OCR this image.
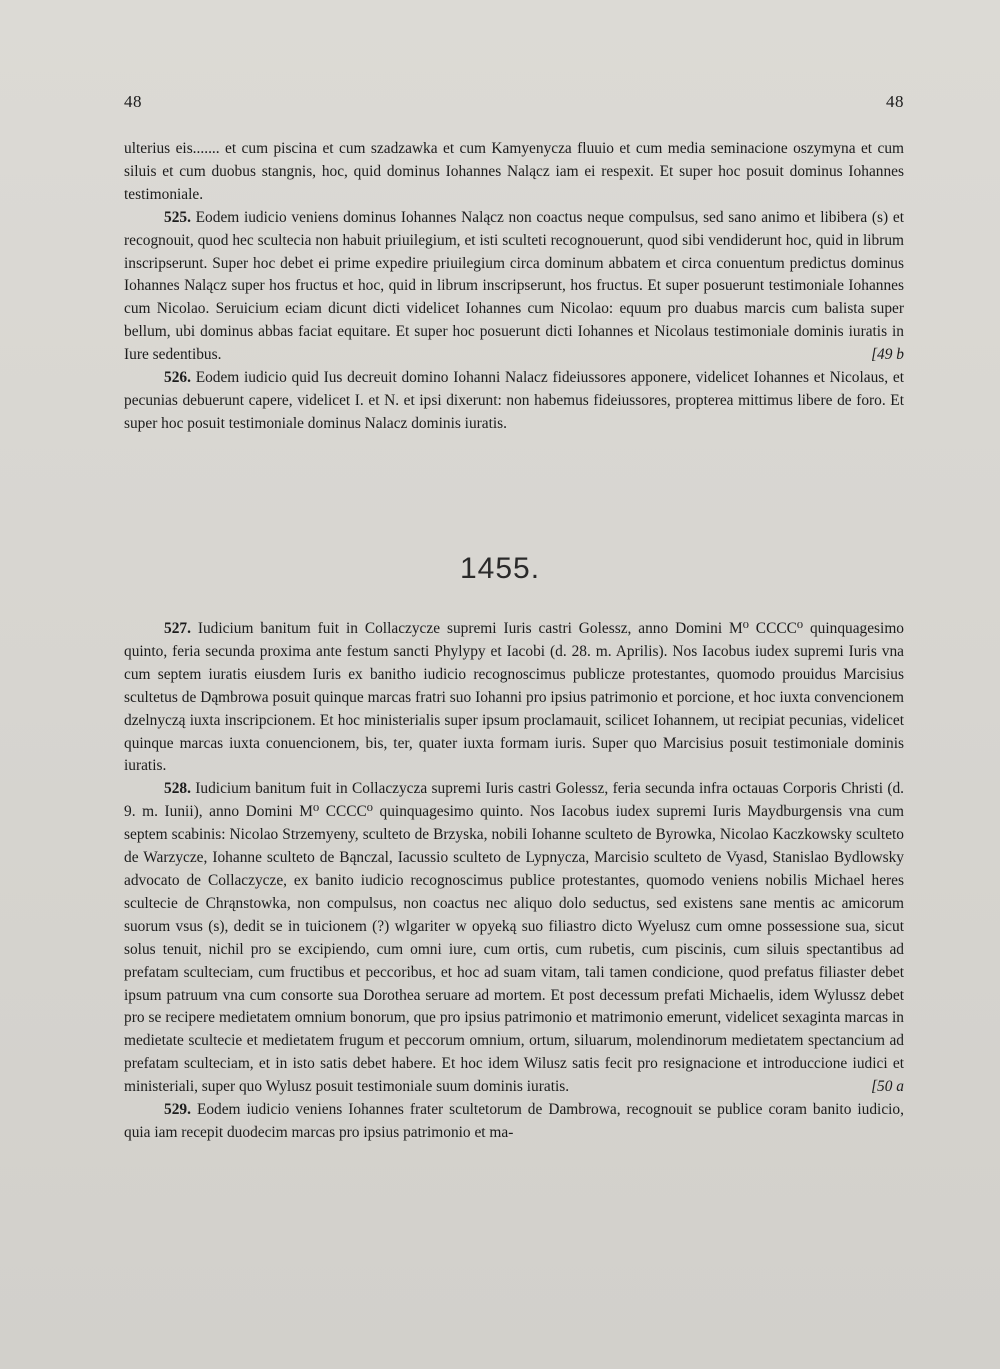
48	48

ulterius eis....... et cum piscina et cum szadzawka et cum Kamyenycza fluuio et cum media seminacione oszymyna et cum siluis et cum duobus stangnis, hoc, quid dominus Iohannes Nalącz iam ei respexit. Et super hoc posuit dominus Iohannes testimoniale.

525. Eodem iudicio veniens dominus Iohannes Nalącz non coactus neque compulsus, sed sano animo et libibera (s) et recognouit, quod hec scultecia non habuit priuilegium, et isti sculteti recognouerunt, quod sibi vendiderunt hoc, quid in librum inscripserunt. Super hoc debet ei prime expedire priuilegium circa dominum abbatem et circa conuentum predictus dominus Iohannes Nalącz super hos fructus et hoc, quid in librum inscripserunt, hos fructus. Et super posuerunt testimoniale Iohannes cum Nicolao. Seruicium eciam dicunt dicti videlicet Iohannes cum Nicolao: equum pro duabus marcis cum balista super bellum, ubi dominus abbas faciat equitare. Et super hoc posuerunt dicti Iohannes et Nicolaus testimoniale dominis iuratis in Iure sedentibus.	[49 b

526. Eodem iudicio quid Ius decreuit domino Iohanni Nalacz fideiussores apponere, videlicet Iohannes et Nicolaus, et pecunias debuerunt capere, videlicet I. et N. et ipsi dixerunt: non habemus fideiussores, propterea mittimus libere de foro. Et super hoc posuit testimoniale dominus Nalacz dominis iuratis.

1455.

527. Iudicium banitum fuit in Collaczycze supremi Iuris castri Golessz, anno Domini M⁰ CCCC⁰ quinquagesimo quinto, feria secunda proxima ante festum sancti Phylypy et Iacobi (d. 28. m. Aprilis). Nos Iacobus iudex supremi Iuris vna cum septem iuratis eiusdem Iuris ex banitho iudicio recognoscimus publicze protestantes, quomodo prouidus Marcisius scultetus de Dąmbrowa posuit quinque marcas fratri suo Iohanni pro ipsius patrimonio et porcione, et hoc iuxta convencionem dzelnyczą iuxta inscripcionem. Et hoc ministerialis super ipsum proclamauit, scilicet Iohannem, ut recipiat pecunias, videlicet quinque marcas iuxta conuencionem, bis, ter, quater iuxta formam iuris. Super quo Marcisius posuit testimoniale dominis iuratis.

528. Iudicium banitum fuit in Collaczycza supremi Iuris castri Golessz, feria secunda infra octauas Corporis Christi (d. 9. m. Iunii), anno Domini M⁰ CCCC⁰ quinquagesimo quinto. Nos Iacobus iudex supremi Iuris Maydburgensis vna cum septem scabinis: Nicolao Strzemyeny, sculteto de Brzyska, nobili Iohanne sculteto de Byrowka, Nicolao Kaczkowsky sculteto de Warzycze, Iohanne sculteto de Bąnczal, Iacussio sculteto de Lypnycza, Marcisio sculteto de Vyasd, Stanislao Bydlowsky advocato de Collaczycze, ex banito iudicio recognoscimus publice protestantes, quomodo veniens nobilis Michael heres scultecie de Chrąnstowka, non compulsus, non coactus nec aliquo dolo seductus, sed existens sane mentis ac amicorum suorum vsus (s), dedit se in tuicionem (?) wlgariter w opyeką suo filiastro dicto Wyelusz cum omne possessione sua, sicut solus tenuit, nichil pro se excipiendo, cum omni iure, cum ortis, cum rubetis, cum piscinis, cum siluis spectantibus ad prefatam sculteciam, cum fructibus et peccoribus, et hoc ad suam vitam, tali tamen condicione, quod prefatus filiaster debet ipsum patruum vna cum consorte sua Dorothea seruare ad mortem. Et post decessum prefati Michaelis, idem Wylussz debet pro se recipere medietatem omnium bonorum, que pro ipsius patrimonio et matrimonio emerunt, videlicet sexaginta marcas in medietate scultecie et medietatem frugum et peccorum omnium, ortum, siluarum, molendinorum medietatem spectancium ad prefatam sculteciam, et in isto satis debet habere. Et hoc idem Wilusz satis fecit pro resignacione et introduccione iudici et ministeriali, super quo Wylusz posuit testimoniale suum dominis iuratis.	[50 a

529. Eodem iudicio veniens Iohannes frater scultetorum de Dambrowa, recognouit se publice coram banito iudicio, quia iam recepit duodecim marcas pro ipsius patrimonio et ma-
